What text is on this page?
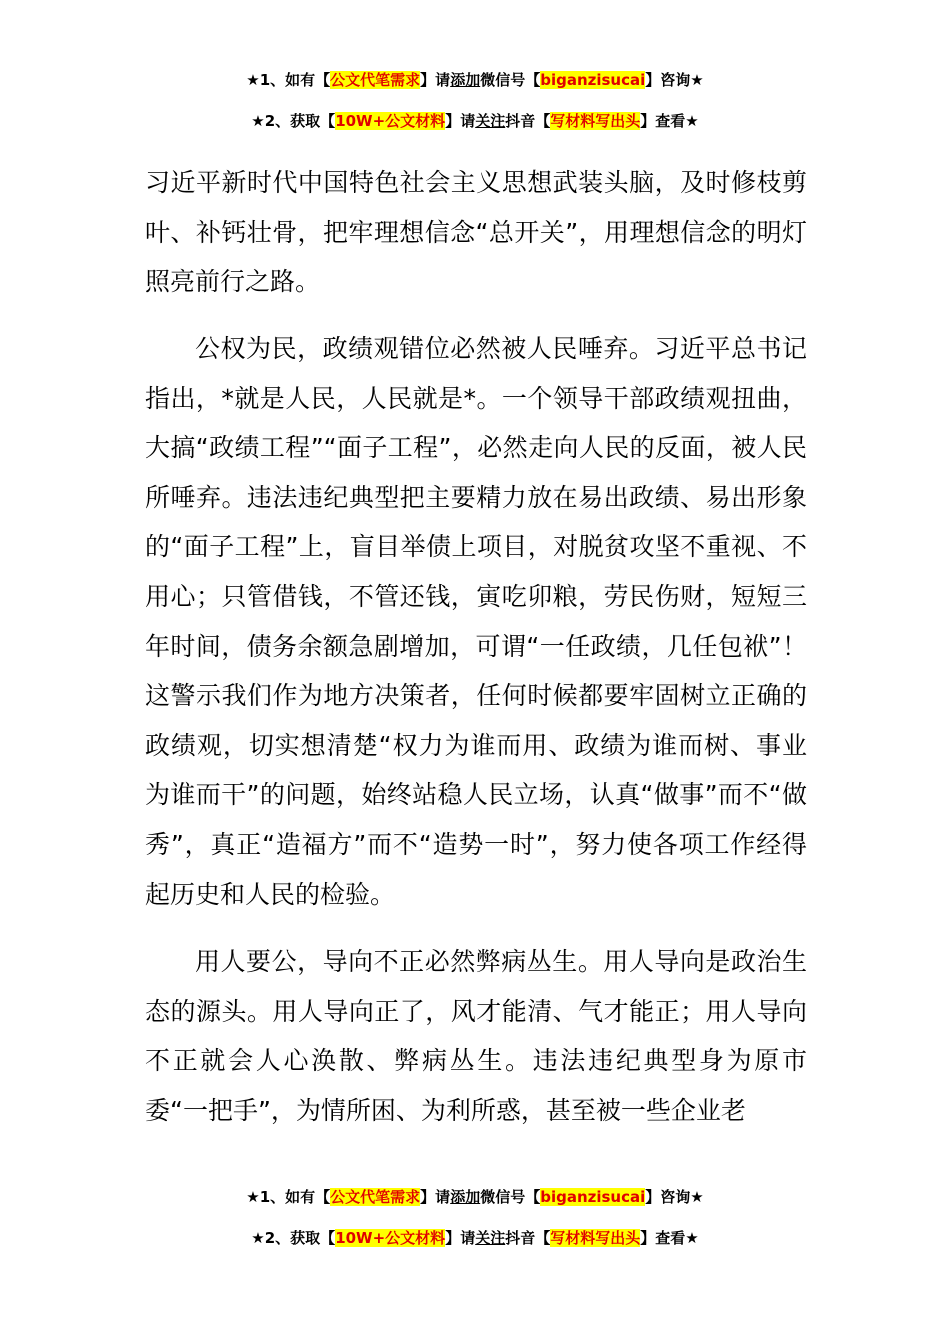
★1、如有【公文代笔需求】请添加微信号【biganzisucai】咨询★
★2、获取【10W+公文材料】请关注抖音【写材料写出头】查看★

习近平新时代中国特色社会主义思想武装头脑，及时修枝剪叶、补钙壮骨，把牢理想信念“总开关”，用理想信念的明灯照亮前行之路。

公权为民，政绩观错位必然被人民唾弃。习近平总书记指出，*就是人民，人民就是*。一个领导干部政绩观扭曲，大搞“政绩工程”“面子工程”，必然走向人民的反面，被人民所唾弃。违法违纪典型把主要精力放在易出政绩、易出形象的“面子工程”上，盲目举债上项目，对脱贫攻坚不重视、不用心；只管借钱，不管还钱，寅吃卯粮，劳民伤财，短短三年时间，债务余额急剧增加，可谓“一任政绩，几任包袱”！这警示我们作为地方决策者，任何时候都要牢固树立正确的政绩观，切实想清楚“权力为谁而用、政绩为谁而树、事业为谁而干”的问题，始终站稳人民立场，认真“做事”而不“做秀”，真正“造福方”而不“造势一时”，努力使各项工作经得起历史和人民的检验。

用人要公，导向不正必然弊病丛生。用人导向是政治生态的源头。用人导向正了，风才能清、气才能正；用人导向不正就会人心涣散、弊病丛生。违法违纪典型身为原市委“一把手”，为情所困、为利所惑，甚至被一些企业老

★1、如有【公文代笔需求】请添加微信号【biganzisucai】咨询★
★2、获取【10W+公文材料】请关注抖音【写材料写出头】查看★
